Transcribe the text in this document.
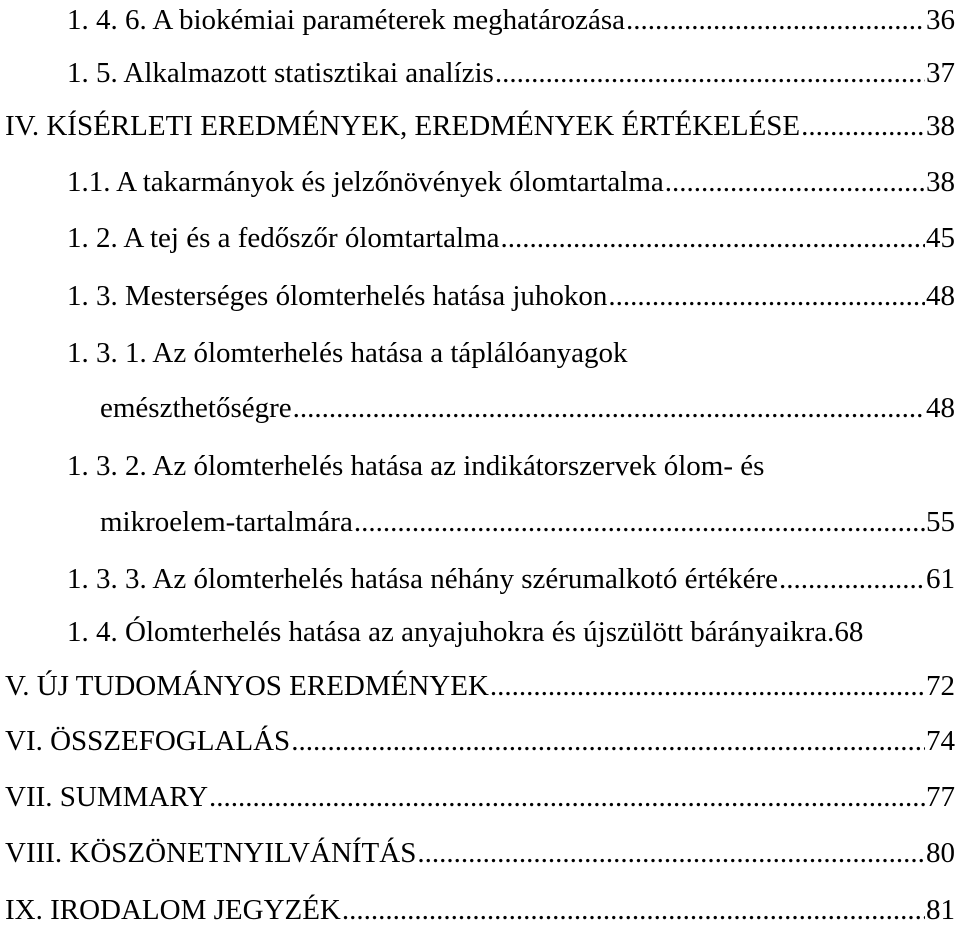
1. 4. 6. A biokémiai paraméterek meghatározása .....	36
1. 5. Alkalmazott statisztikai analízis .....	37
IV. KÍSÉRLETI EREDMÉNYEK, EREDMÉNYEK ÉRTÉKELÉSE .....	38
1.1. A takarmányok és jelzőnövények ólomtartalma .....	38
1. 2. A tej és a fedőszőr ólomtartalma .....	45
1. 3. Mesterséges ólomterhelés hatása juhokon .....	48
1. 3. 1. Az ólomterhelés hatása a táplálóanyagok
emészthetőségre .....	48
1. 3. 2. Az ólomterhelés hatása az indikátorszervek ólom- és
mikroelem-tartalmára .....	55
1. 3. 3. Az ólomterhelés hatása néhány szérumalkotó értékére .....	61
1. 4. Ólomterhelés hatása az anyajuhokra és újszülött bárányaikra . 68
V. ÚJ TUDOMÁNYOS EREDMÉNYEK .....	72
VI. ÖSSZEFOGLALÁS .....	74
VII. SUMMARY .....	77
VIII. KÖSZÖNETNYILVÁNÍTÁS .....	80
IX. IRODALOM JEGYZÉK .....	81
